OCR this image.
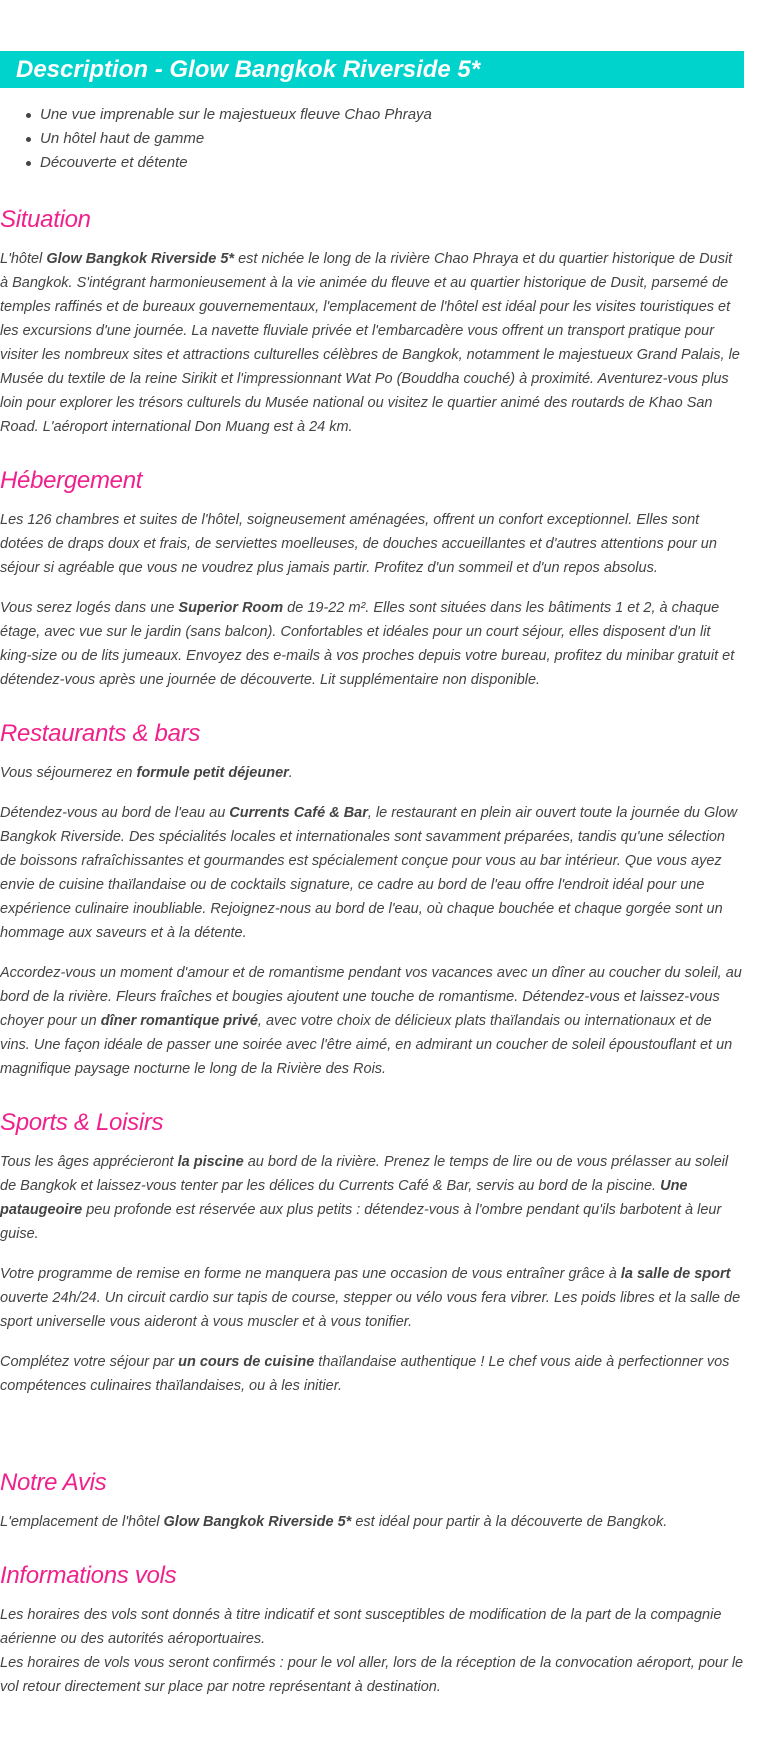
Description - Glow Bangkok Riverside 5*
Une vue imprenable sur le majestueux fleuve Chao Phraya
Un hôtel haut de gamme
Découverte et détente
Situation

L'hôtel Glow Bangkok Riverside 5* est nichée le long de la rivière Chao Phraya et du quartier historique de Dusit à Bangkok. S'intégrant harmonieusement à la vie animée du fleuve et au quartier historique de Dusit, parsemé de temples raffinés et de bureaux gouvernementaux, l'emplacement de l'hôtel est idéal pour les visites touristiques et les excursions d'une journée. La navette fluviale privée et l'embarcadère vous offrent un transport pratique pour visiter les nombreux sites et attractions culturelles célèbres de Bangkok, notamment le majestueux Grand Palais, le Musée du textile de la reine Sirikit et l'impressionnant Wat Po (Bouddha couché) à proximité. Aventurez-vous plus loin pour explorer les trésors culturels du Musée national ou visitez le quartier animé des routards de Khao San Road. L'aéroport international Don Muang est à 24 km.

Hébergement

Les 126 chambres et suites de l'hôtel, soigneusement aménagées, offrent un confort exceptionnel. Elles sont dotées de draps doux et frais, de serviettes moelleuses, de douches accueillantes et d'autres attentions pour un séjour si agréable que vous ne voudrez plus jamais partir. Profitez d'un sommeil et d'un repos absolus.

Vous serez logés dans une Superior Room de 19-22 m². Elles sont situées dans les bâtiments 1 et 2, à chaque étage, avec vue sur le jardin (sans balcon). Confortables et idéales pour un court séjour, elles disposent d'un lit king-size ou de lits jumeaux. Envoyez des e-mails à vos proches depuis votre bureau, profitez du minibar gratuit et détendez-vous après une journée de découverte. Lit supplémentaire non disponible.

Restaurants & bars

Vous séjournerez en formule petit déjeuner.

Détendez-vous au bord de l'eau au Currents Café & Bar, le restaurant en plein air ouvert toute la journée du Glow Bangkok Riverside. Des spécialités locales et internationales sont savamment préparées, tandis qu'une sélection de boissons rafraîchissantes et gourmandes est spécialement conçue pour vous au bar intérieur. Que vous ayez envie de cuisine thaïlandaise ou de cocktails signature, ce cadre au bord de l'eau offre l'endroit idéal pour une expérience culinaire inoubliable. Rejoignez-nous au bord de l'eau, où chaque bouchée et chaque gorgée sont un hommage aux saveurs et à la détente.

Accordez-vous un moment d'amour et de romantisme pendant vos vacances avec un dîner au coucher du soleil, au bord de la rivière. Fleurs fraîches et bougies ajoutent une touche de romantisme. Détendez-vous et laissez-vous choyer pour un dîner romantique privé, avec votre choix de délicieux plats thaïlandais ou internationaux et de vins. Une façon idéale de passer une soirée avec l'être aimé, en admirant un coucher de soleil époustouflant et un magnifique paysage nocturne le long de la Rivière des Rois.

Sports & Loisirs

Tous les âges apprécieront la piscine au bord de la rivière. Prenez le temps de lire ou de vous prélasser au soleil de Bangkok et laissez-vous tenter par les délices du Currents Café & Bar, servis au bord de la piscine. Une pataugeoire peu profonde est réservée aux plus petits : détendez-vous à l'ombre pendant qu'ils barbotent à leur guise.

Votre programme de remise en forme ne manquera pas une occasion de vous entraîner grâce à la salle de sport ouverte 24h/24. Un circuit cardio sur tapis de course, stepper ou vélo vous fera vibrer. Les poids libres et la salle de sport universelle vous aideront à vous muscler et à vous tonifier.

Complétez votre séjour par un cours de cuisine thaïlandaise authentique ! Le chef vous aide à perfectionner vos compétences culinaires thaïlandaises, ou à les initier.

Notre Avis

L'emplacement de l'hôtel Glow Bangkok Riverside 5* est idéal pour partir à la découverte de Bangkok.

Informations vols

Les horaires des vols sont donnés à titre indicatif et sont susceptibles de modification de la part de la compagnie aérienne ou des autorités aéroportuaires.
Les horaires de vols vous seront confirmés : pour le vol aller, lors de la réception de la convocation aéroport, pour le vol retour directement sur place par notre représentant à destination.
